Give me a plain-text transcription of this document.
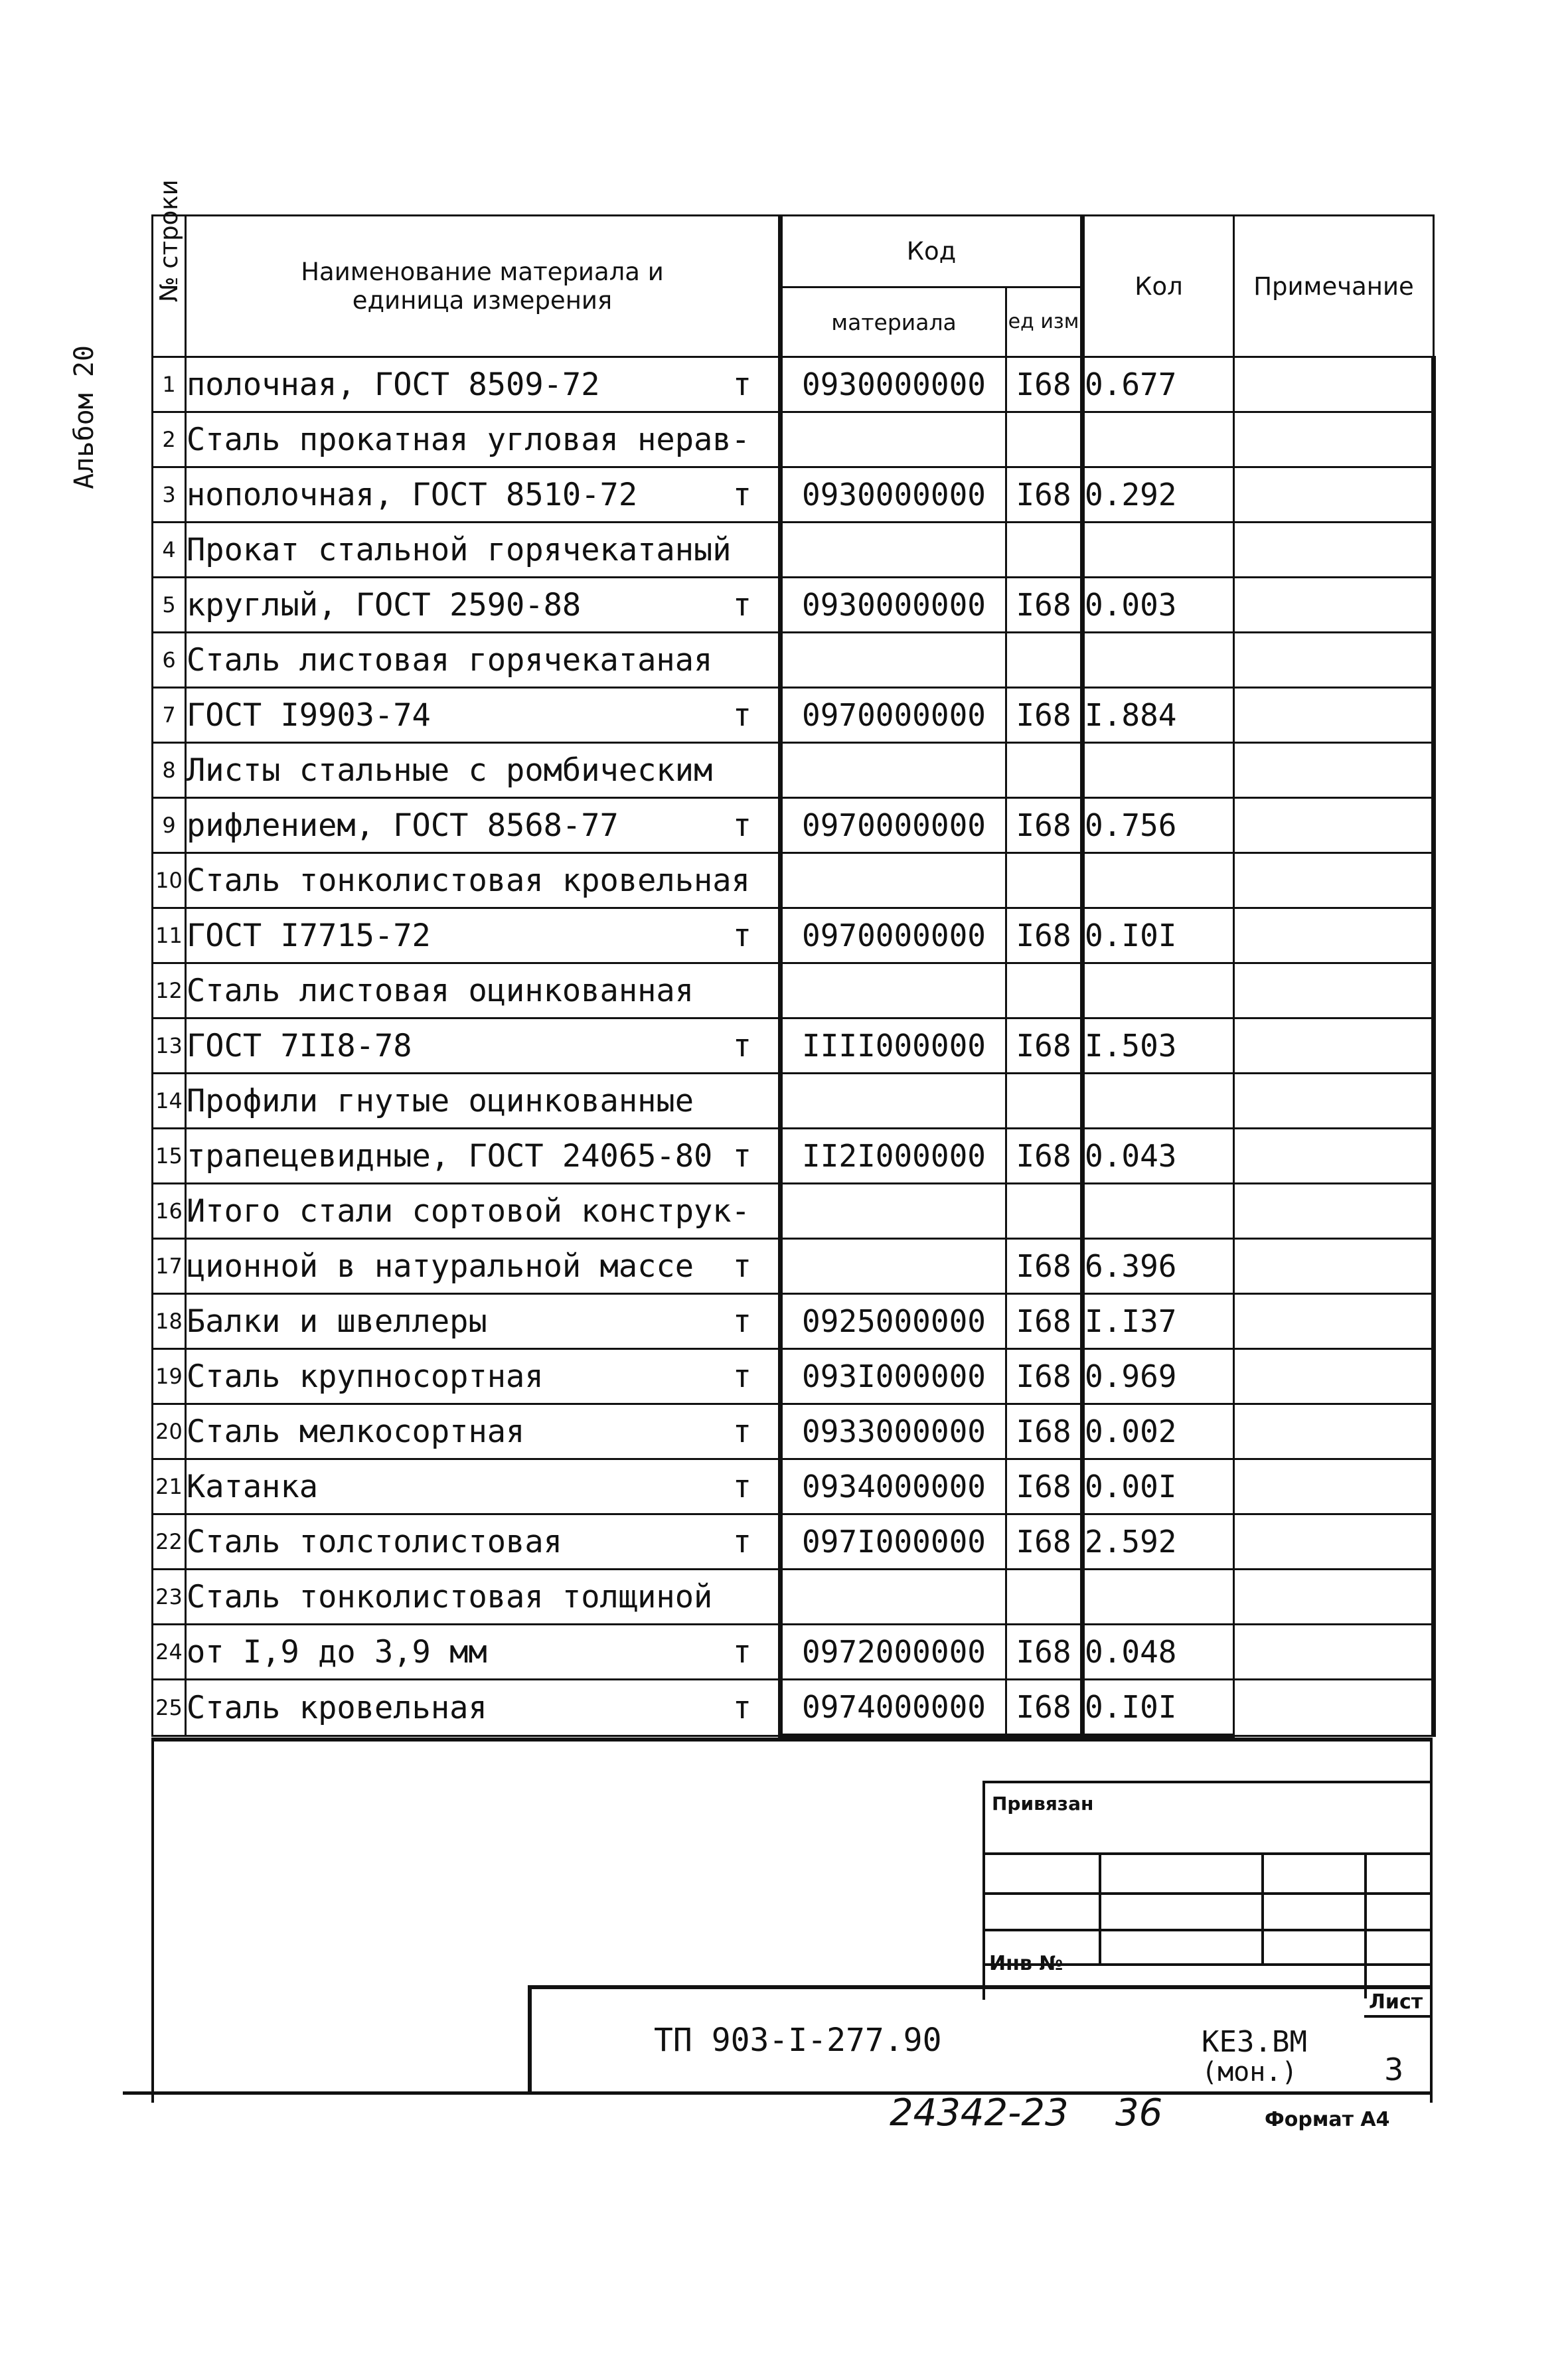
Альбом 20
№ строки	Наименование материала и единица измерения	Код		Кол	Примечание
		материала	ед изм		
1	полочная, ГОСТ 8509-72 т	0930000000	I68	0.677	
2	Сталь прокатная угловая нерав-

3	нополочная, ГОСТ 8510-72 т	0930000000	I68	0.292	
4	Прокат стальной горячекатаный

5	круглый, ГОСТ 2590-88 т	0930000000	I68	0.003	
6	Сталь листовая горячекатаная

7	ГОСТ I9903-74 т	0970000000	I68	I.884	
8	Листы стальные с ромбическим

9	рифлением, ГОСТ 8568-77 т	0970000000	I68	0.756	
10	Сталь тонколистовая кровельная

11	ГОСТ I7715-72 т	0970000000	I68	0.I0I	
12	Сталь листовая оцинкованная

13	ГОСТ 7II8-78 т	IIII000000	I68	I.503	
14	Профили гнутые оцинкованные

15	трапецевидные, ГОСТ 24065-80 т	II2I000000	I68	0.043	
16	Итого стали сортовой конструк-

17	ционной в натуральной массе т		I68	6.396	
18	Балки и швеллеры т	0925000000	I68	I.I37	
19	Сталь крупносортная т	093I000000	I68	0.969	
20	Сталь мелкосортная т	0933000000	I68	0.002	
21	Катанка т	0934000000	I68	0.00I	
22	Сталь толстолистовая т	097I000000	I68	2.592	
23	Сталь тонколистовая толщиной

24	от I,9 до 3,9 мм т	0972000000	I68	0.048	
25	Сталь кровельная т	0974000000	I68	0.I0I	
Привязан
Инв №
Лист
3
ТП 903-I-277.90	КЕЗ.ВМ
(мон.)
24342-23 36	Формат А4
